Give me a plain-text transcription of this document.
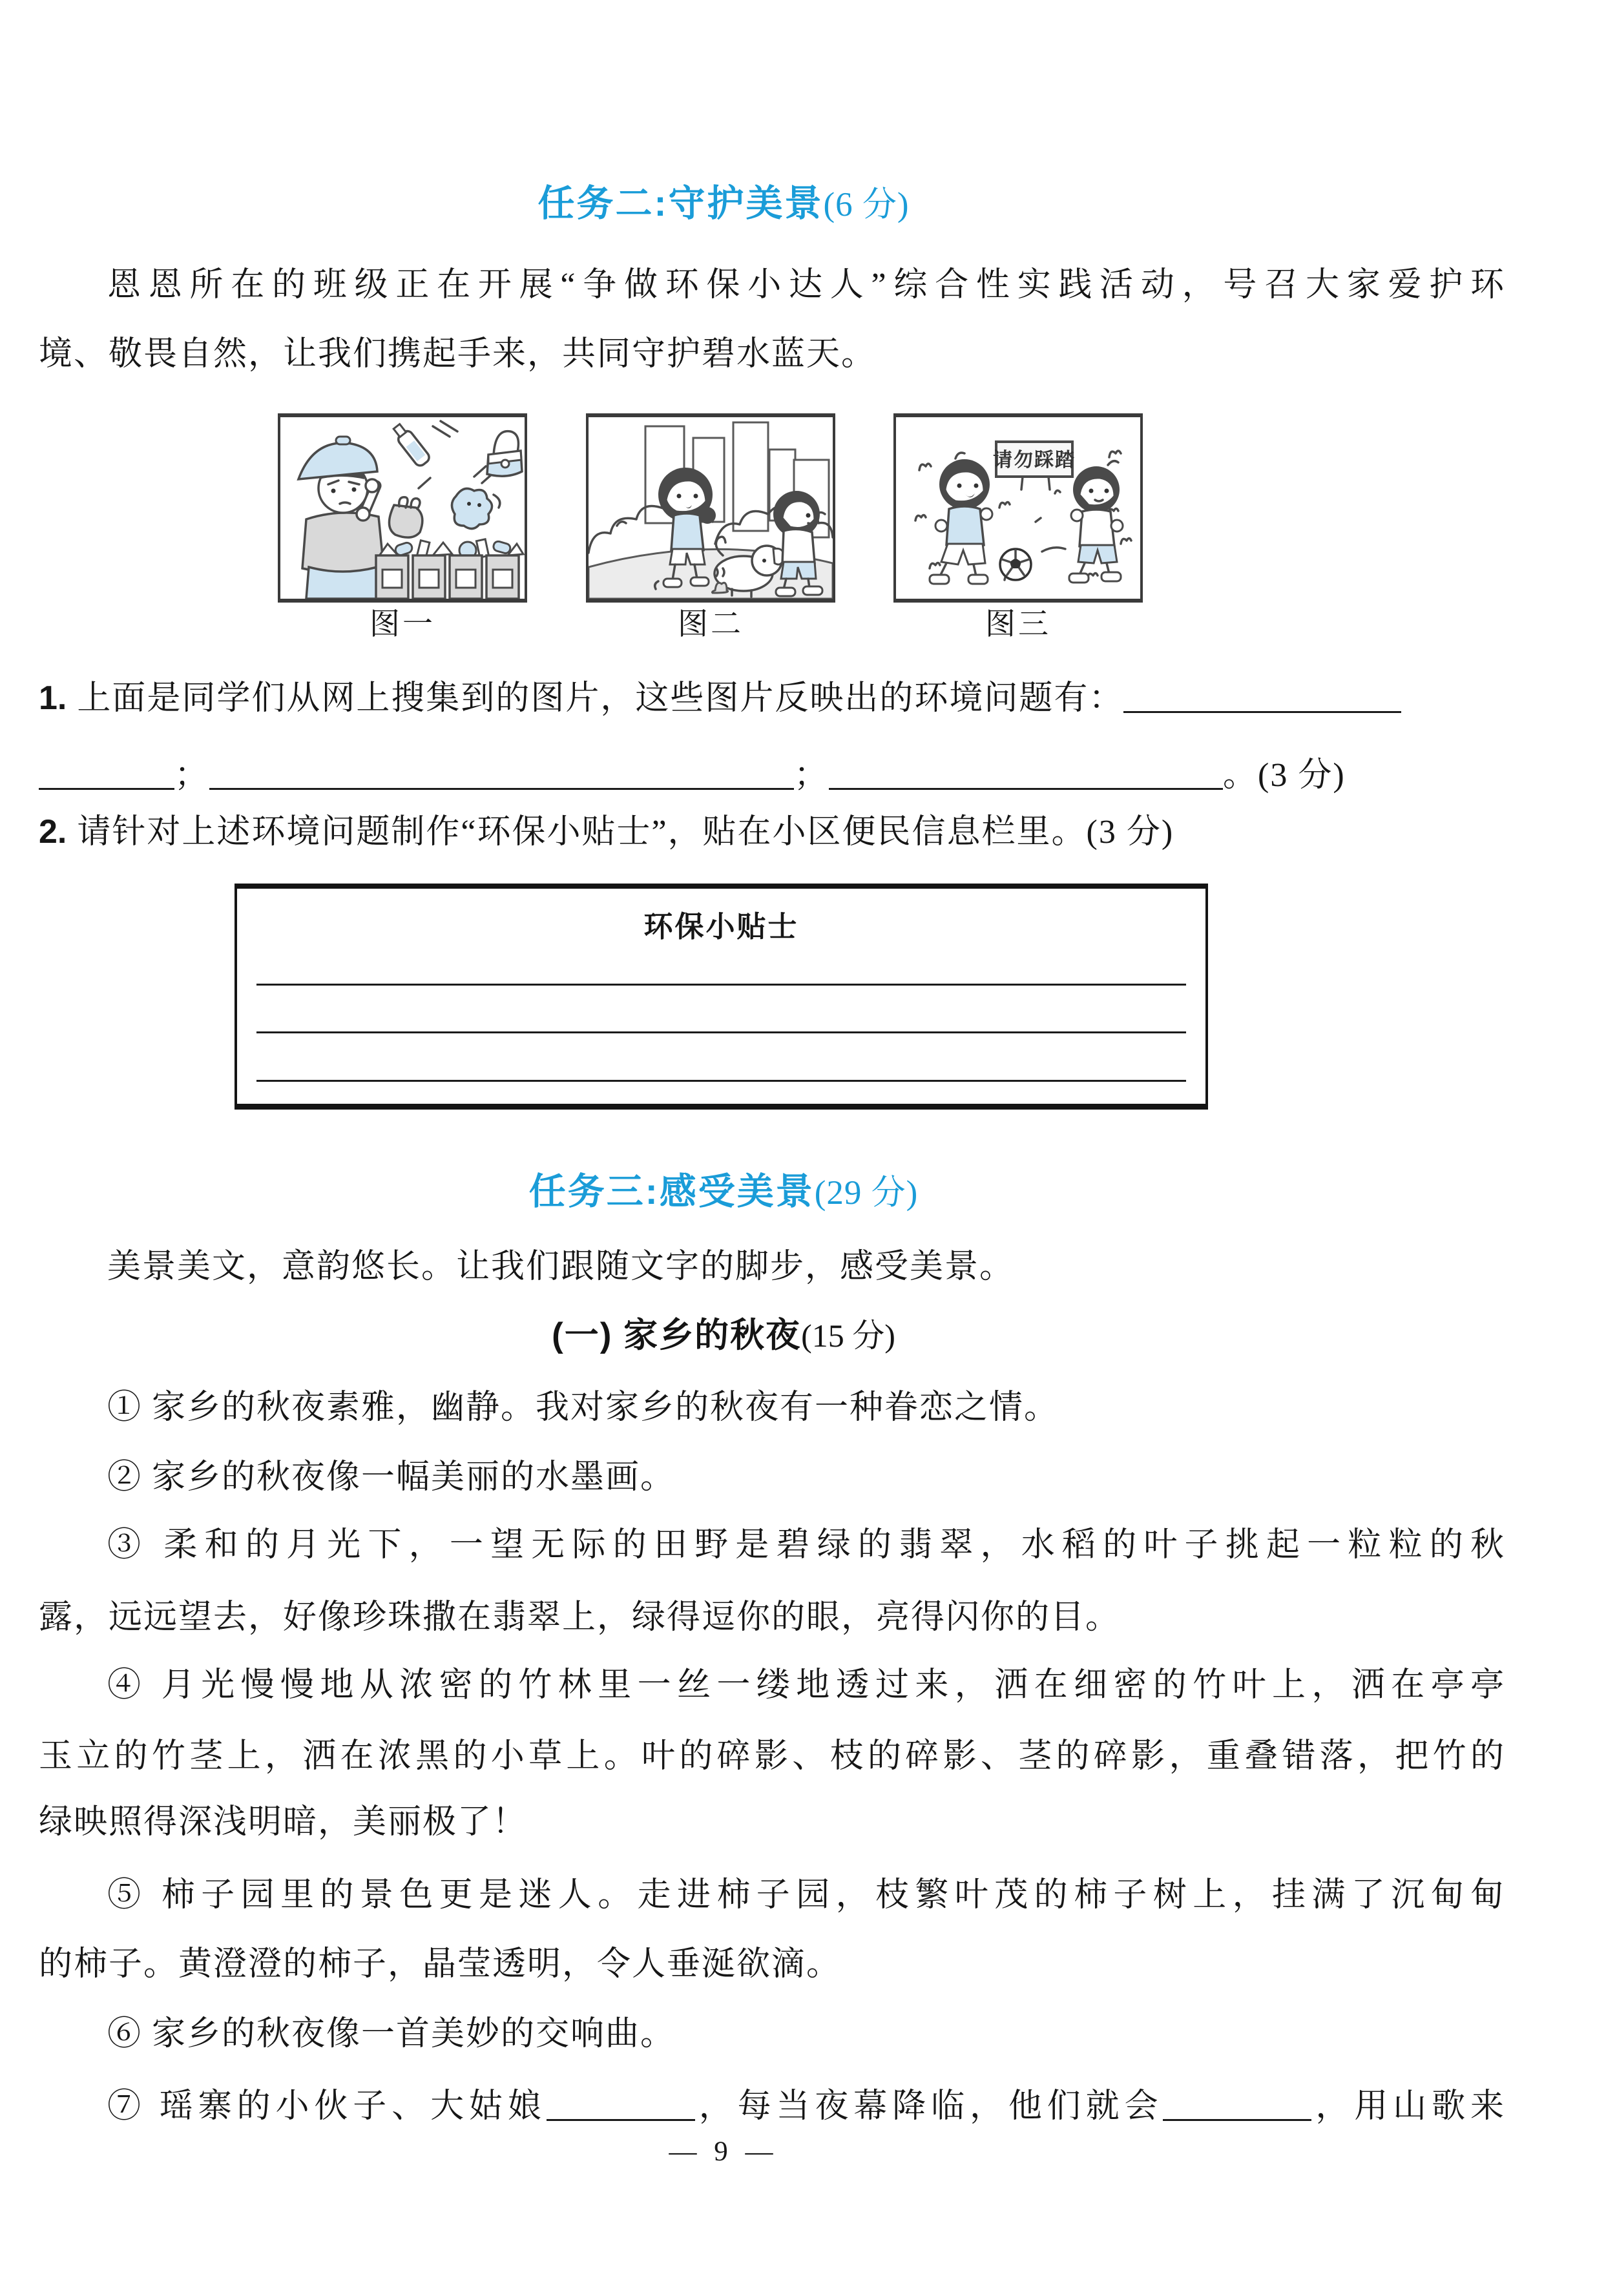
任务二:守护美景(6 分)
恩恩所在的班级正在开展“争做环保小达人”综合性实践活动，号召大家爱护环
境、敬畏自然，让我们携起手来，共同守护碧水蓝天。
请勿踩踏
图一	图二	图三
1. 上面是同学们从网上搜集到的图片，这些图片反映出的环境问题有：
；	；	。(3 分)
2. 请针对上述环境问题制作“环保小贴士”，贴在小区便民信息栏里。(3 分)
环保小贴士
任务三:感受美景(29 分)
美景美文，意韵悠长。让我们跟随文字的脚步，感受美景。
(一) 家乡的秋夜(15 分)
① 家乡的秋夜素雅，幽静。我对家乡的秋夜有一种眷恋之情。
② 家乡的秋夜像一幅美丽的水墨画。
③ 柔和的月光下，一望无际的田野是碧绿的翡翠，水稻的叶子挑起一粒粒的秋
露，远远望去，好像珍珠撒在翡翠上，绿得逗你的眼，亮得闪你的目。
④ 月光慢慢地从浓密的竹林里一丝一缕地透过来，洒在细密的竹叶上，洒在亭亭
玉立的竹茎上，洒在浓黑的小草上。叶的碎影、枝的碎影、茎的碎影，重叠错落，把竹的
绿映照得深浅明暗，美丽极了！
⑤ 柿子园里的景色更是迷人。走进柿子园，枝繁叶茂的柿子树上，挂满了沉甸甸
的柿子。黄澄澄的柿子，晶莹透明，令人垂涎欲滴。
⑥ 家乡的秋夜像一首美妙的交响曲。
⑦ 瑶寨的小伙子、大姑娘	，每当夜幕降临，他们就会	，用山歌来
— 9 —
